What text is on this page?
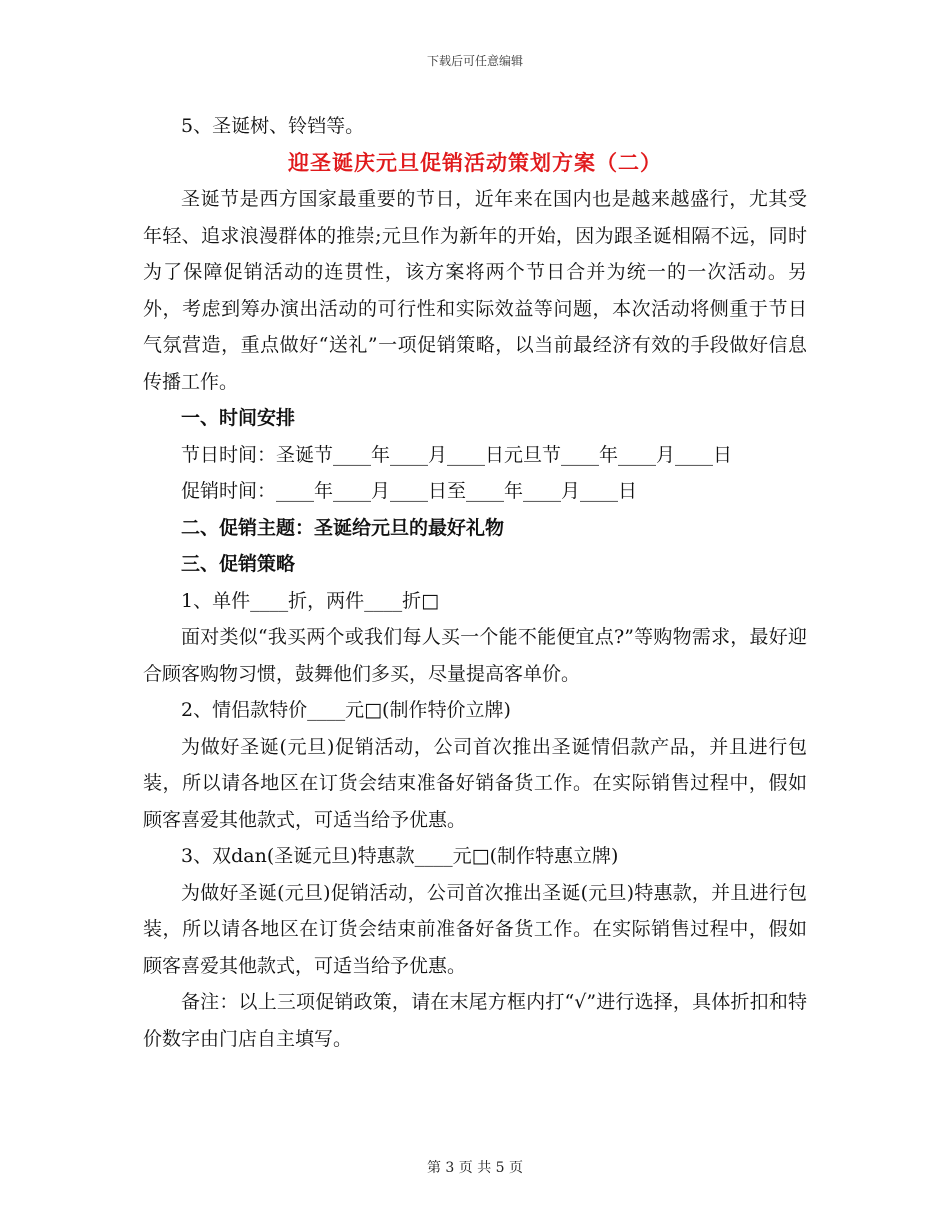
下载后可任意编辑

5、圣诞树、铃铛等。

迎圣诞庆元旦促销活动策划方案（二）

圣诞节是西方国家最重要的节日，近年来在国内也是越来越盛行，尤其受年轻、追求浪漫群体的推崇;元旦作为新年的开始，因为跟圣诞相隔不远，同时为了保障促销活动的连贯性，该方案将两个节日合并为统一的一次活动。另外，考虑到筹办演出活动的可行性和实际效益等问题，本次活动将侧重于节日气氛营造，重点做好“送礼”一项促销策略，以当前最经济有效的手段做好信息传播工作。

一、时间安排

节日时间：圣诞节____年____月____日元旦节____年____月____日

促销时间：____年____月____日至____年____月____日

二、促销主题：圣诞给元旦的最好礼物

三、促销策略

1、单件____折，两件____折□

面对类似“我买两个或我们每人买一个能不能便宜点?”等购物需求，最好迎合顾客购物习惯，鼓舞他们多买，尽量提高客单价。

2、情侣款特价____元□(制作特价立牌)

为做好圣诞(元旦)促销活动，公司首次推出圣诞情侣款产品，并且进行包装，所以请各地区在订货会结束准备好销备货工作。在实际销售过程中，假如顾客喜爱其他款式，可适当给予优惠。

3、双dan(圣诞元旦)特惠款____元□(制作特惠立牌)

为做好圣诞(元旦)促销活动，公司首次推出圣诞(元旦)特惠款，并且进行包装，所以请各地区在订货会结束前准备好备货工作。在实际销售过程中，假如顾客喜爱其他款式，可适当给予优惠。

备注：以上三项促销政策，请在末尾方框内打“√”进行选择，具体折扣和特价数字由门店自主填写。

第 3 页 共 5 页
